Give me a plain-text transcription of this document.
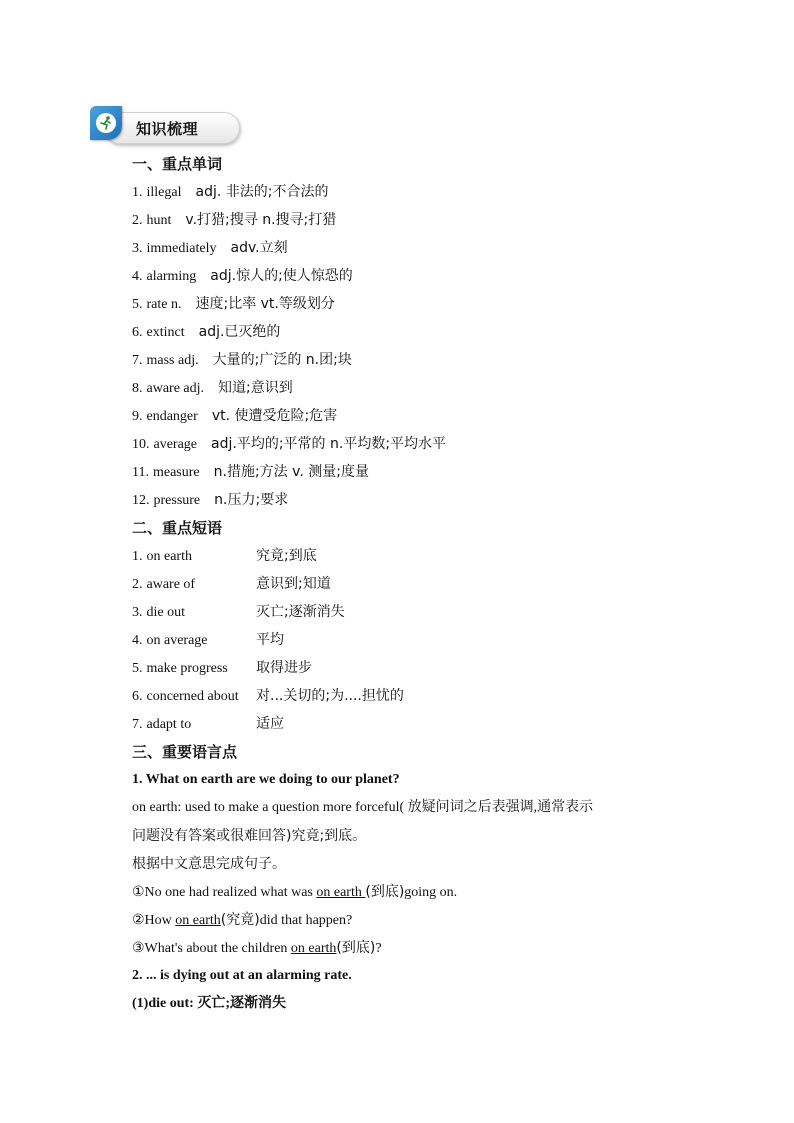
知识梳理
一、重点单词
1. illegal adj. 非法的;不合法的
2. hunt v.打猎;搜寻 n.搜寻;打猎
3. immediately adv.立刻
4. alarming adj.惊人的;使人惊恐的
5. rate n. 速度;比率 vt.等级划分
6. extinct adj.已灭绝的
7. mass adj. 大量的;广泛的 n.团;块
8. aware adj. 知道;意识到
9. endanger vt. 使遭受危险;危害
10. average adj.平均的;平常的 n.平均数;平均水平
11. measure n.措施;方法 v. 测量;度量
12. pressure n.压力;要求
二、重点短语
1. on earth	究竟;到底
2. aware of	意识到;知道
3. die out	灭亡;逐渐消失
4. on average	平均
5. make progress 取得进步
6. concerned about 对...关切的;为....担忧的
7. adapt to	适应
三、重要语言点
1. What on earth are we doing to our planet?
on earth: used to make a question more forceful( 放疑问词之后表强调,通常表示
问题没有答案或很难回答)究竟;到底。
根据中文意思完成句子。
①No one had realized what was on earth (到底)going on.
②How on earth(究竟)did that happen?
③What's about the children on earth(到底)?
2. ... is dying out at an alarming rate.
(1)die out: 灭亡;逐渐消失
